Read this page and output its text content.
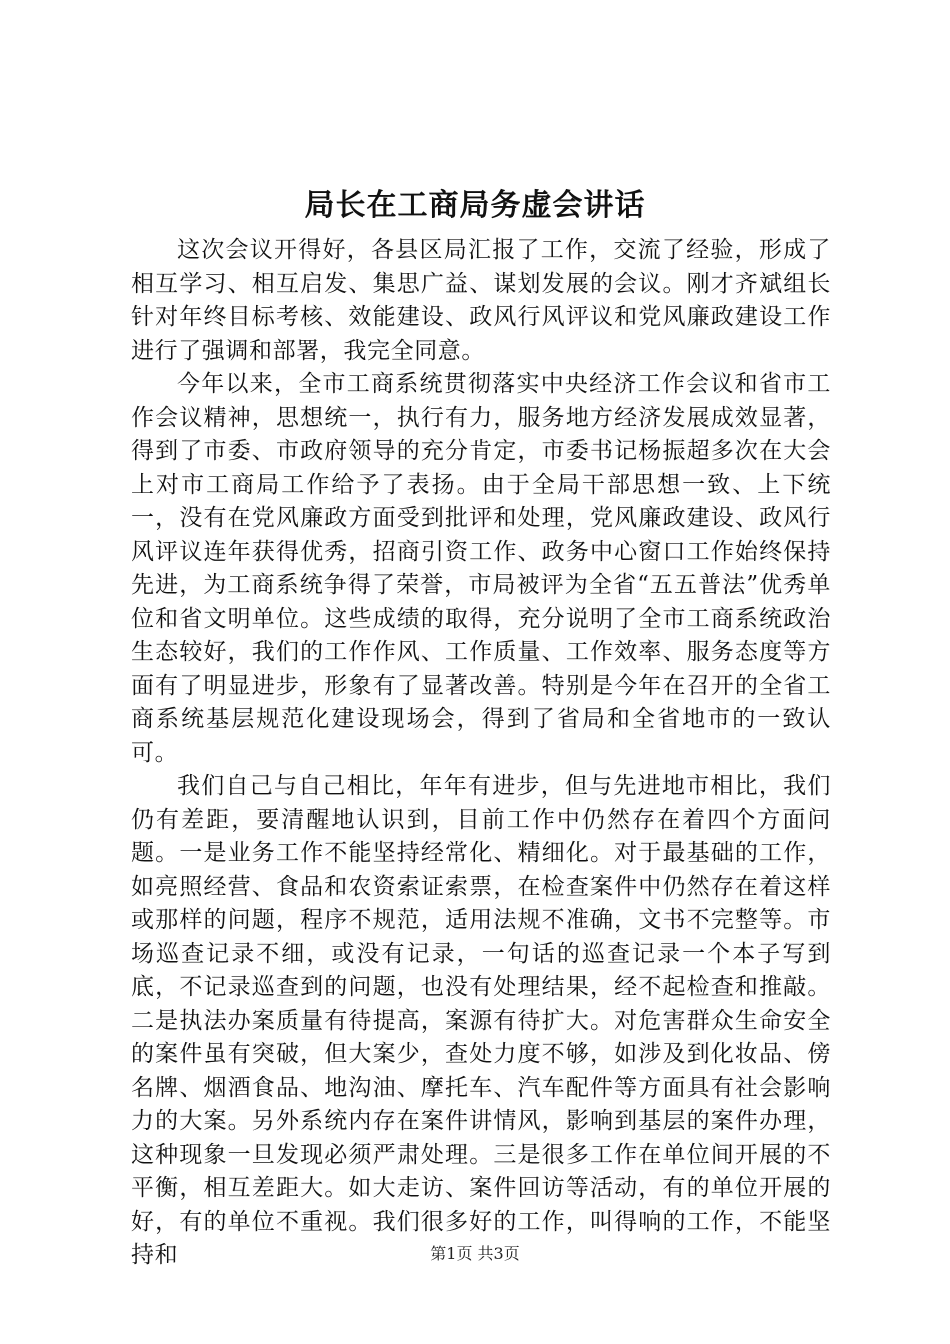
局长在工商局务虚会讲话

这次会议开得好，各县区局汇报了工作，交流了经验，形成了相互学习、相互启发、集思广益、谋划发展的会议。刚才齐斌组长针对年终目标考核、效能建设、政风行风评议和党风廉政建设工作进行了强调和部署，我完全同意。

今年以来，全市工商系统贯彻落实中央经济工作会议和省市工作会议精神，思想统一，执行有力，服务地方经济发展成效显著，得到了市委、市政府领导的充分肯定，市委书记杨振超多次在大会上对市工商局工作给予了表扬。由于全局干部思想一致、上下统一，没有在党风廉政方面受到批评和处理，党风廉政建设、政风行风评议连年获得优秀，招商引资工作、政务中心窗口工作始终保持先进，为工商系统争得了荣誉，市局被评为全省“五五普法”优秀单位和省文明单位。这些成绩的取得，充分说明了全市工商系统政治生态较好，我们的工作作风、工作质量、工作效率、服务态度等方面有了明显进步，形象有了显著改善。特别是今年在召开的全省工商系统基层规范化建设现场会，得到了省局和全省地市的一致认可。

我们自己与自己相比，年年有进步，但与先进地市相比，我们仍有差距，要清醒地认识到，目前工作中仍然存在着四个方面问题。一是业务工作不能坚持经常化、精细化。对于最基础的工作，如亮照经营、食品和农资索证索票，在检查案件中仍然存在着这样或那样的问题，程序不规范，适用法规不准确，文书不完整等。市场巡查记录不细，或没有记录，一句话的巡查记录一个本子写到底，不记录巡查到的问题，也没有处理结果，经不起检查和推敲。二是执法办案质量有待提高，案源有待扩大。对危害群众生命安全的案件虽有突破，但大案少，查处力度不够，如涉及到化妆品、傍名牌、烟酒食品、地沟油、摩托车、汽车配件等方面具有社会影响力的大案。另外系统内存在案件讲情风，影响到基层的案件办理，这种现象一旦发现必须严肃处理。三是很多工作在单位间开展的不平衡，相互差距大。如大走访、案件回访等活动，有的单位开展的好，有的单位不重视。我们很多好的工作，叫得响的工作，不能坚持和	第1页 共3页
